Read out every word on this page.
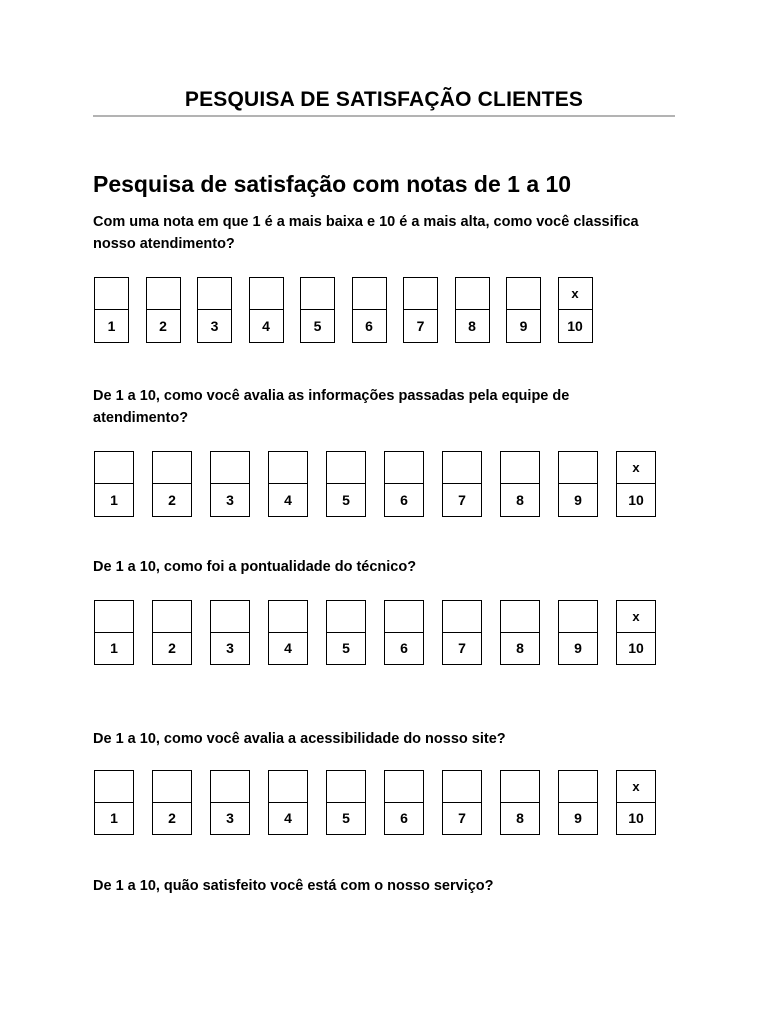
PESQUISA DE SATISFAÇÃO CLIENTES
Pesquisa de satisfação com notas de 1 a 10
Com uma nota em que 1 é a mais baixa e 10 é a mais alta, como você classifica nosso atendimento?
1	2	3	4	5	6	7	8	9
x
10
De 1 a 10, como você avalia as informações passadas pela equipe de atendimento?
1	2	3	4	5	6	7	8	9
x
10
De 1 a 10, como foi a pontualidade do técnico?
1	2	3	4	5	6	7	8	9
x
10
De 1 a 10, como você avalia a acessibilidade do nosso site?
1	2	3	4	5	6	7	8	9
x
10
De 1 a 10, quão satisfeito você está com o nosso serviço?
